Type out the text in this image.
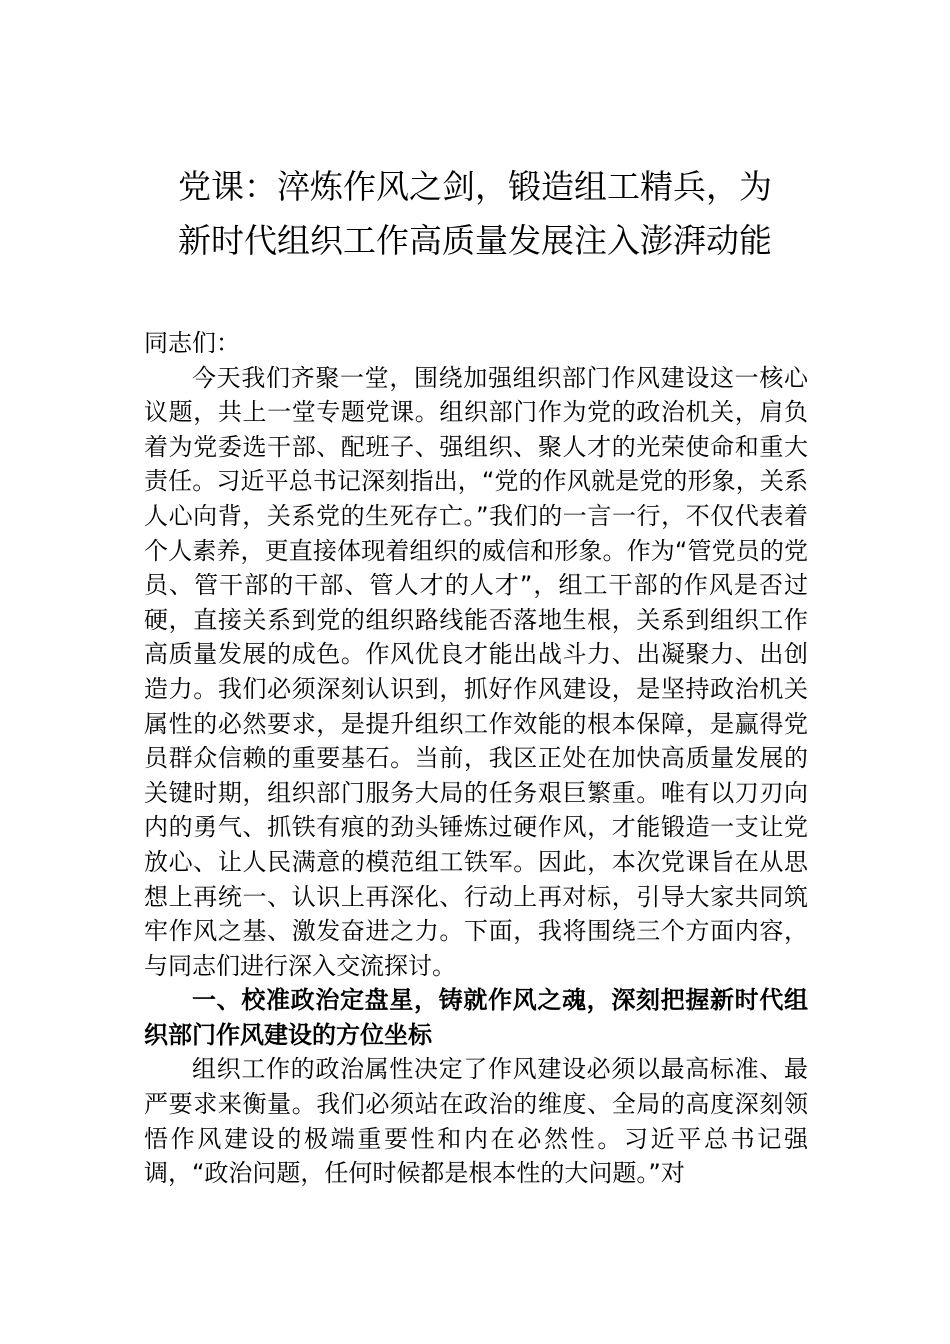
党课：淬炼作风之剑，锻造组工精兵，为
新时代组织工作高质量发展注入澎湃动能

同志们：

今天我们齐聚一堂，围绕加强组织部门作风建设这一核心议题，共上一堂专题党课。组织部门作为党的政治机关，肩负着为党委选干部、配班子、强组织、聚人才的光荣使命和重大责任。习近平总书记深刻指出，“党的作风就是党的形象，关系人心向背，关系党的生死存亡。”我们的一言一行，不仅代表着个人素养，更直接体现着组织的威信和形象。作为“管党员的党员、管干部的干部、管人才的人才”，组工干部的作风是否过硬，直接关系到党的组织路线能否落地生根，关系到组织工作高质量发展的成色。作风优良才能出战斗力、出凝聚力、出创造力。我们必须深刻认识到，抓好作风建设，是坚持政治机关属性的必然要求，是提升组织工作效能的根本保障，是赢得党员群众信赖的重要基石。当前，我区正处在加快高质量发展的关键时期，组织部门服务大局的任务艰巨繁重。唯有以刀刃向内的勇气、抓铁有痕的劲头锤炼过硬作风，才能锻造一支让党放心、让人民满意的模范组工铁军。因此，本次党课旨在从思想上再统一、认识上再深化、行动上再对标，引导大家共同筑牢作风之基、激发奋进之力。下面，我将围绕三个方面内容，与同志们进行深入交流探讨。

一、校准政治定盘星，铸就作风之魂，深刻把握新时代组织部门作风建设的方位坐标

组织工作的政治属性决定了作风建设必须以最高标准、最严要求来衡量。我们必须站在政治的维度、全局的高度深刻领悟作风建设的极端重要性和内在必然性。习近平总书记强调，“政治问题，任何时候都是根本性的大问题。”对
